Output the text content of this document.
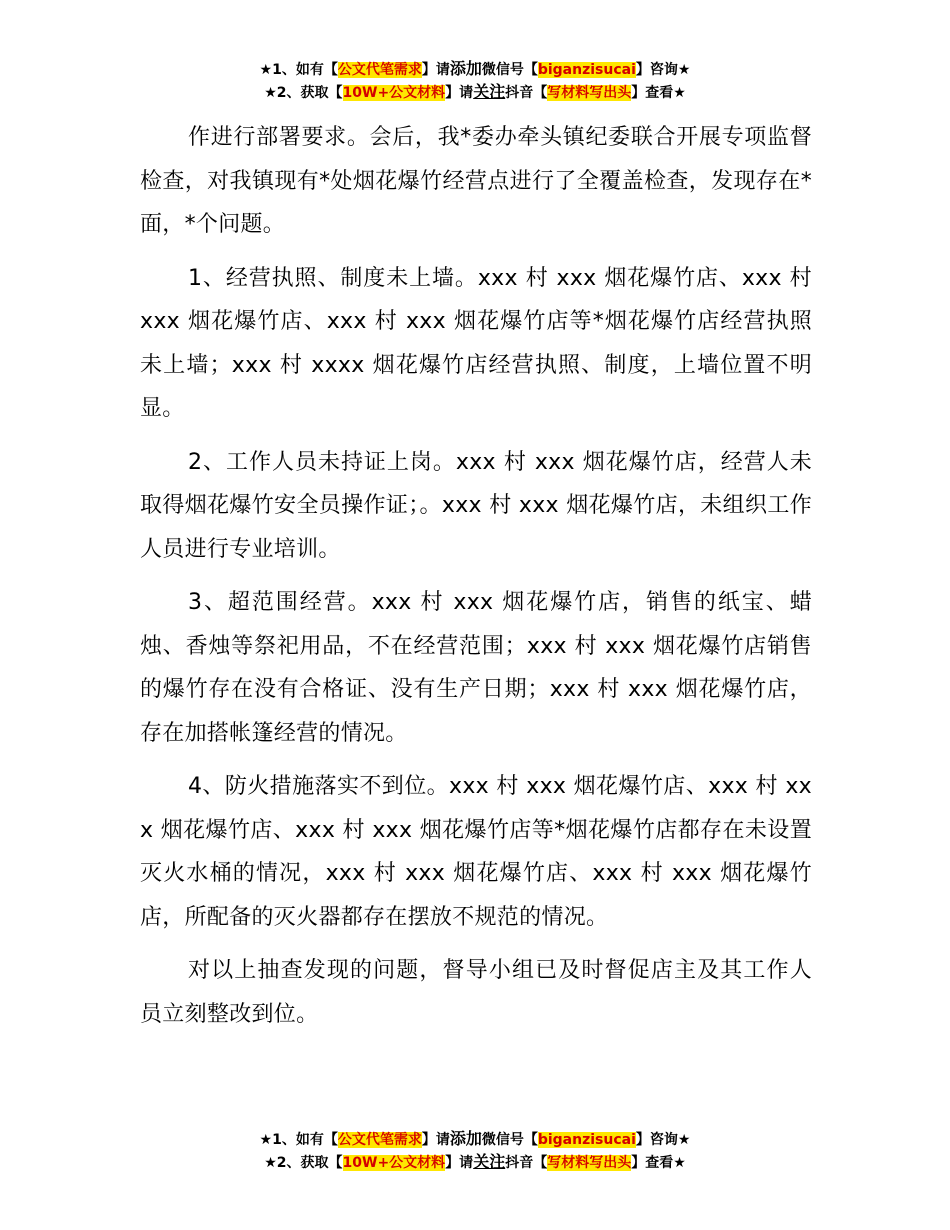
★1、如有【公文代笔需求】请添加微信号【biganzisucai】咨询★
★2、获取【10W+公文材料】请关注抖音【写材料写出头】查看★

作进行部署要求。会后，我*委办牵头镇纪委联合开展专项监督检查，对我镇现有*处烟花爆竹经营点进行了全覆盖检查，发现存在*面，*个问题。

1、经营执照、制度未上墙。xxx 村 xxx 烟花爆竹店、xxx 村 xxx 烟花爆竹店、xxx 村 xxx 烟花爆竹店等*烟花爆竹店经营执照未上墙；xxx 村 xxxx 烟花爆竹店经营执照、制度，上墙位置不明显。

2、工作人员未持证上岗。xxx 村 xxx 烟花爆竹店，经营人未取得烟花爆竹安全员操作证；。xxx 村 xxx 烟花爆竹店，未组织工作人员进行专业培训。

3、超范围经营。xxx 村 xxx 烟花爆竹店，销售的纸宝、蜡烛、香烛等祭祀用品，不在经营范围；xxx 村 xxx 烟花爆竹店销售的爆竹存在没有合格证、没有生产日期；xxx 村 xxx 烟花爆竹店，存在加搭帐篷经营的情况。

4、防火措施落实不到位。xxx 村 xxx 烟花爆竹店、xxx 村 xxx 烟花爆竹店、xxx 村 xxx 烟花爆竹店等*烟花爆竹店都存在未设置灭火水桶的情况，xxx 村 xxx 烟花爆竹店、xxx 村 xxx 烟花爆竹店，所配备的灭火器都存在摆放不规范的情况。

对以上抽查发现的问题，督导小组已及时督促店主及其工作人员立刻整改到位。

★1、如有【公文代笔需求】请添加微信号【biganzisucai】咨询★
★2、获取【10W+公文材料】请关注抖音【写材料写出头】查看★
